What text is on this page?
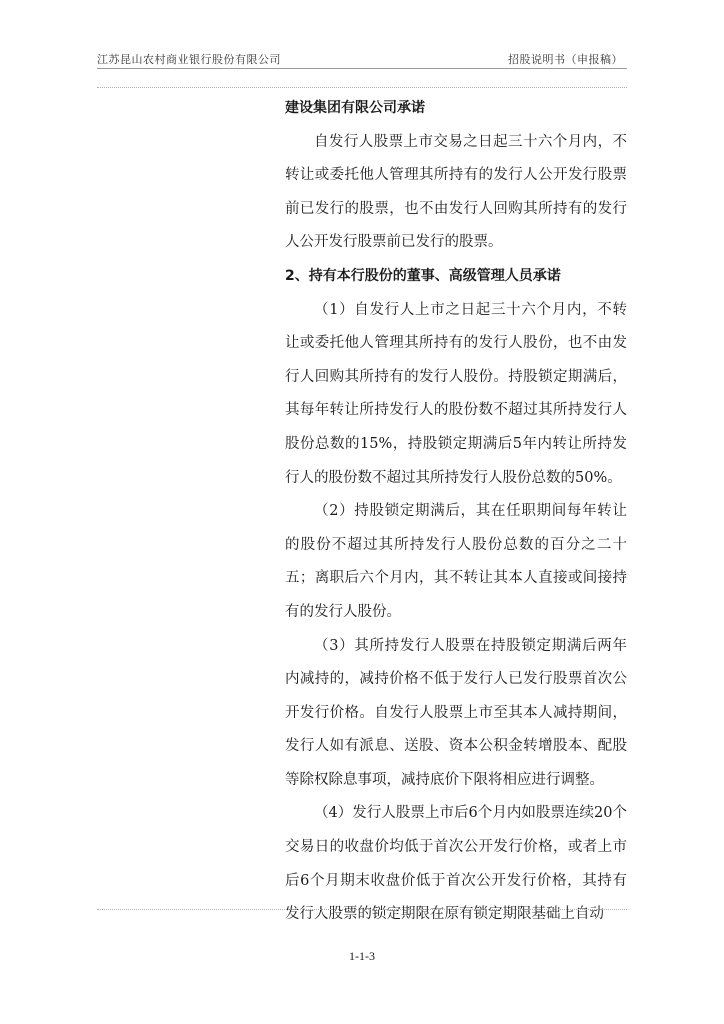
江苏昆山农村商业银行股份有限公司	招股说明书（申报稿）
建设集团有限公司承诺
自发行人股票上市交易之日起三十六个月内，不转让或委托他人管理其所持有的发行人公开发行股票前已发行的股票，也不由发行人回购其所持有的发行人公开发行股票前已发行的股票。
2、持有本行股份的董事、高级管理人员承诺
（1）自发行人上市之日起三十六个月内，不转让或委托他人管理其所持有的发行人股份，也不由发行人回购其所持有的发行人股份。持股锁定期满后，其每年转让所持发行人的股份数不超过其所持发行人股份总数的15%，持股锁定期满后5年内转让所持发行人的股份数不超过其所持发行人股份总数的50%。
（2）持股锁定期满后，其在任职期间每年转让的股份不超过其所持发行人股份总数的百分之二十五；离职后六个月内，其不转让其本人直接或间接持有的发行人股份。
（3）其所持发行人股票在持股锁定期满后两年内减持的，减持价格不低于发行人已发行股票首次公开发行价格。自发行人股票上市至其本人减持期间，发行人如有派息、送股、资本公积金转增股本、配股等除权除息事项，减持底价下限将相应进行调整。
（4）发行人股票上市后6个月内如股票连续20个交易日的收盘价均低于首次公开发行价格，或者上市后6个月期末收盘价低于首次公开发行价格，其持有发行人股票的锁定期限在原有锁定期限基础上自动
1-1-3
